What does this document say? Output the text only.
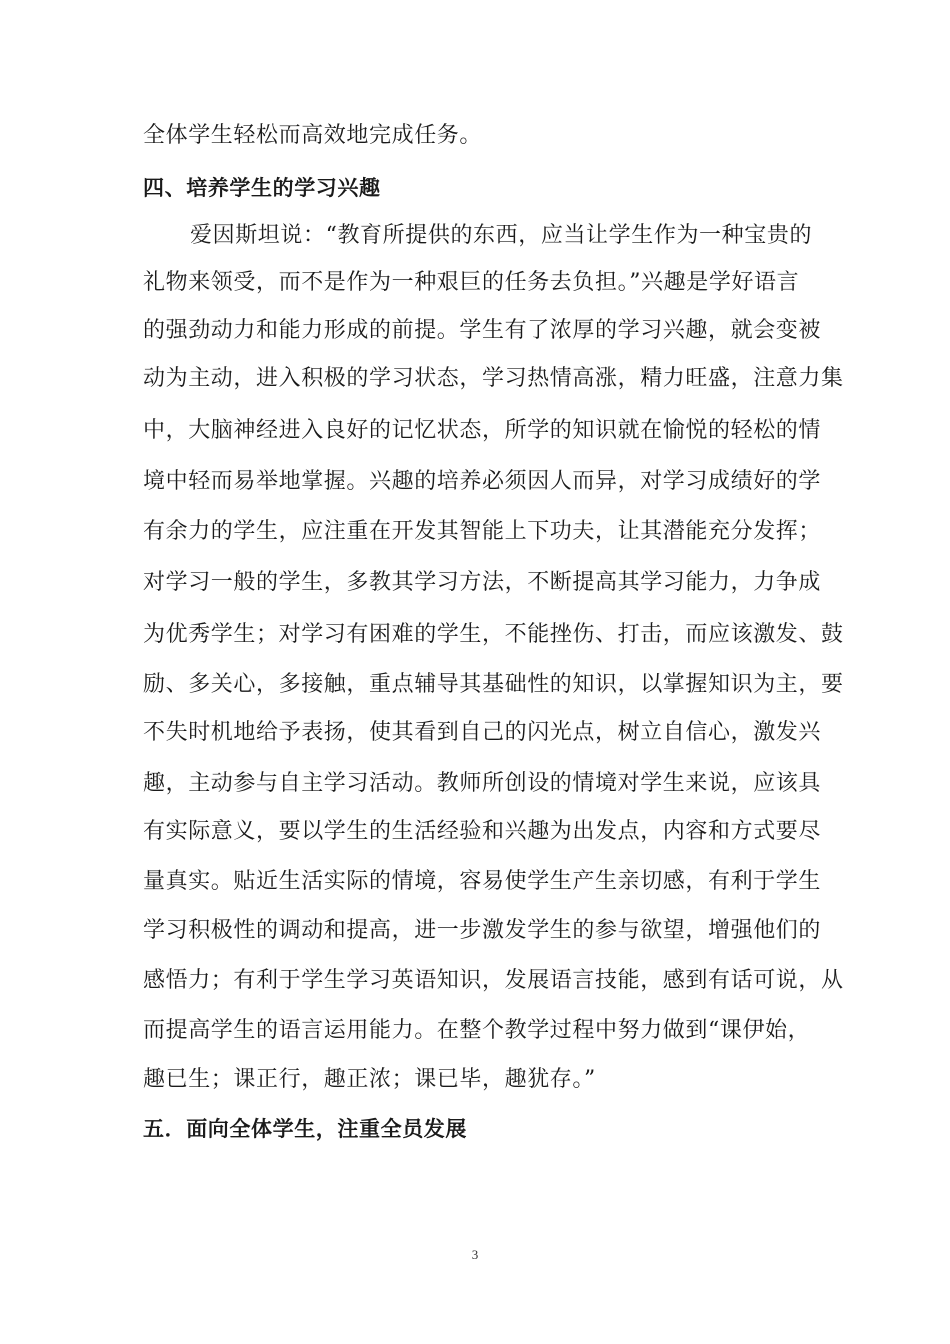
全体学生轻松而高效地完成任务。
四、培养学生的学习兴趣
爱因斯坦说：“教育所提供的东西，应当让学生作为一种宝贵的
礼物来领受，而不是作为一种艰巨的任务去负担。”兴趣是学好语言
的强劲动力和能力形成的前提。学生有了浓厚的学习兴趣，就会变被
动为主动，进入积极的学习状态，学习热情高涨，精力旺盛，注意力集
中，大脑神经进入良好的记忆状态，所学的知识就在愉悦的轻松的情
境中轻而易举地掌握。兴趣的培养必须因人而异，对学习成绩好的学
有余力的学生，应注重在开发其智能上下功夫，让其潜能充分发挥；
对学习一般的学生，多教其学习方法，不断提高其学习能力，力争成
为优秀学生；对学习有困难的学生，不能挫伤、打击，而应该激发、鼓
励、多关心，多接触，重点辅导其基础性的知识，以掌握知识为主，要
不失时机地给予表扬，使其看到自己的闪光点，树立自信心，激发兴
趣，主动参与自主学习活动。教师所创设的情境对学生来说，应该具
有实际意义，要以学生的生活经验和兴趣为出发点，内容和方式要尽
量真实。贴近生活实际的情境，容易使学生产生亲切感，有利于学生
学习积极性的调动和提高，进一步激发学生的参与欲望，增强他们的
感悟力；有利于学生学习英语知识，发展语言技能，感到有话可说，从
而提高学生的语言运用能力。在整个教学过程中努力做到“课伊始，
趣已生；课正行，趣正浓；课已毕，趣犹存。”
五．面向全体学生，注重全员发展
3
